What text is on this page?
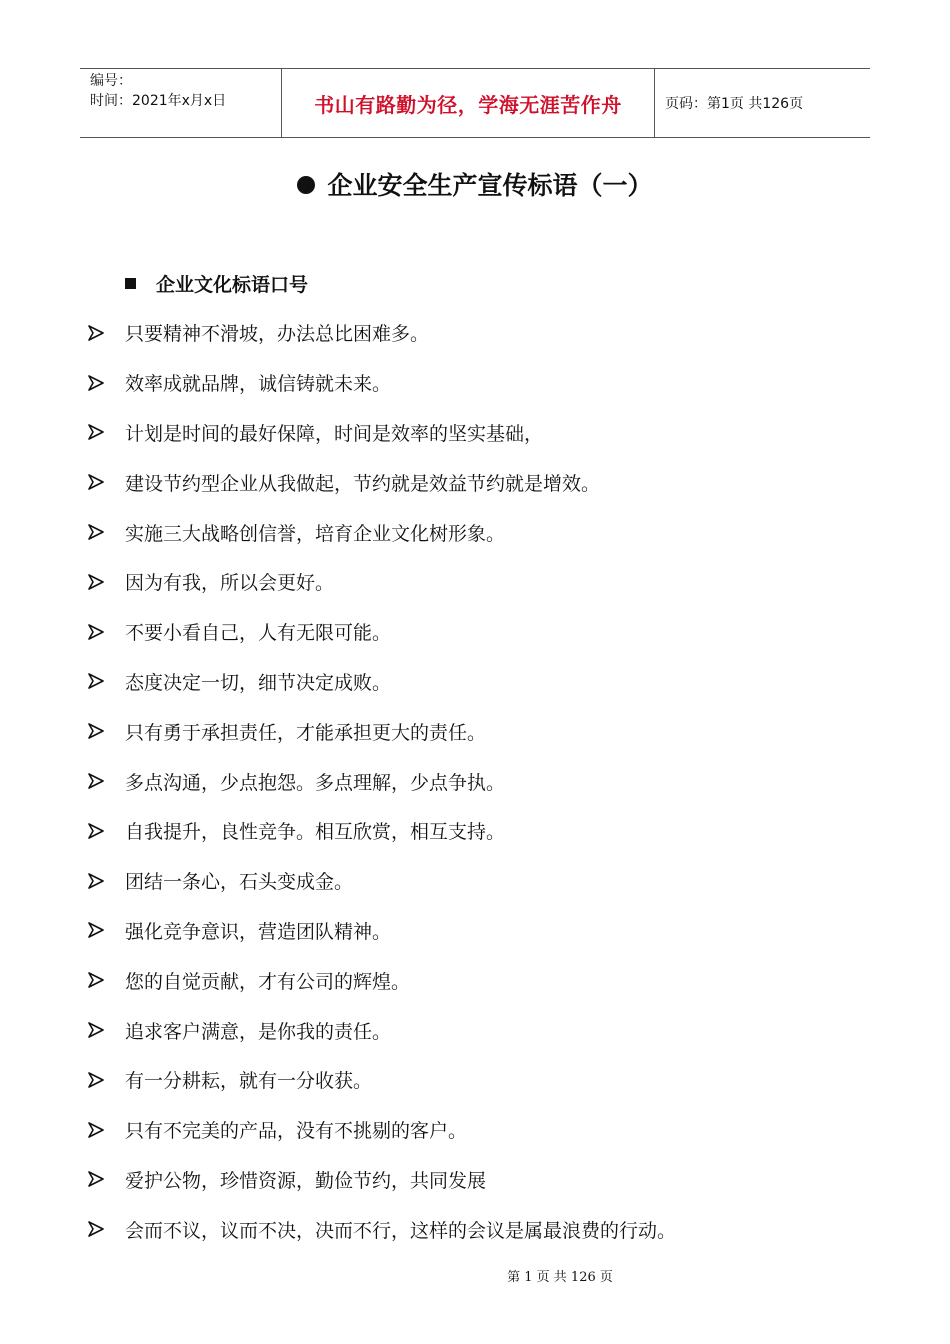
编号：
时间：2021年x月x日	书山有路勤为径，学海无涯苦作舟	页码：第1页 共126页
企业安全生产宣传标语（一）
企业文化标语口号
只要精神不滑坡，办法总比困难多。
效率成就品牌，诚信铸就未来。
计划是时间的最好保障，时间是效率的坚实基础，
建设节约型企业从我做起，节约就是效益节约就是增效。
实施三大战略创信誉，培育企业文化树形象。
因为有我，所以会更好。
不要小看自己，人有无限可能。
态度决定一切，细节决定成败。
只有勇于承担责任，才能承担更大的责任。
多点沟通，少点抱怨。多点理解，少点争执。
自我提升，良性竞争。相互欣赏，相互支持。
团结一条心，石头变成金。
强化竞争意识，营造团队精神。
您的自觉贡献，才有公司的辉煌。
追求客户满意，是你我的责任。
有一分耕耘，就有一分收获。
只有不完美的产品，没有不挑剔的客户。
爱护公物，珍惜资源，勤俭节约，共同发展
会而不议，议而不决，决而不行，这样的会议是属最浪费的行动。
第 1 页 共 126 页
